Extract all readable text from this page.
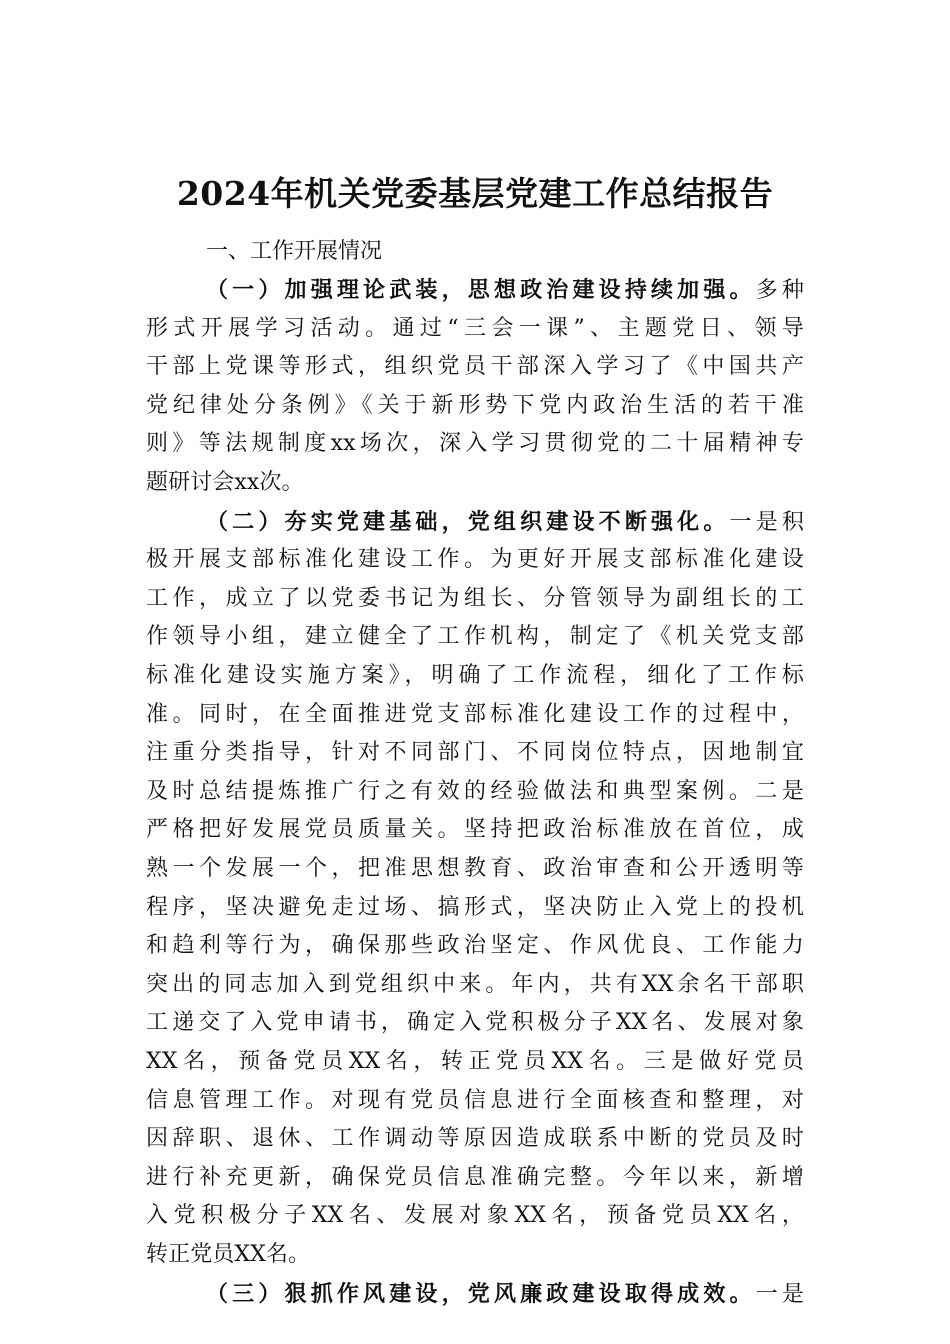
2024年机关党委基层党建工作总结报告
一、工作开展情况
（一）加强理论武装，思想政治建设持续加强。多种
形式开展学习活动。通过“三会一课”、主题党日、领导
干部上党课等形式，组织党员干部深入学习了《中国共产
党纪律处分条例》《关于新形势下党内政治生活的若干准
则》等法规制度xx场次，深入学习贯彻党的二十届精神专
题研讨会xx次。
（二）夯实党建基础，党组织建设不断强化。一是积
极开展支部标准化建设工作。为更好开展支部标准化建设
工作，成立了以党委书记为组长、分管领导为副组长的工
作领导小组，建立健全了工作机构，制定了《机关党支部
标准化建设实施方案》，明确了工作流程，细化了工作标
准。同时，在全面推进党支部标准化建设工作的过程中，
注重分类指导，针对不同部门、不同岗位特点，因地制宜
及时总结提炼推广行之有效的经验做法和典型案例。二是
严格把好发展党员质量关。坚持把政治标准放在首位，成
熟一个发展一个，把准思想教育、政治审查和公开透明等
程序，坚决避免走过场、搞形式，坚决防止入党上的投机
和趋利等行为，确保那些政治坚定、作风优良、工作能力
突出的同志加入到党组织中来。年内，共有XX余名干部职
工递交了入党申请书，确定入党积极分子XX名、发展对象
XX名，预备党员XX名，转正党员XX名。三是做好党员
信息管理工作。对现有党员信息进行全面核查和整理，对
因辞职、退休、工作调动等原因造成联系中断的党员及时
进行补充更新，确保党员信息准确完整。今年以来，新增
入党积极分子XX名、发展对象XX名，预备党员XX名，
转正党员XX名。
（三）狠抓作风建设，党风廉政建设取得成效。一是
